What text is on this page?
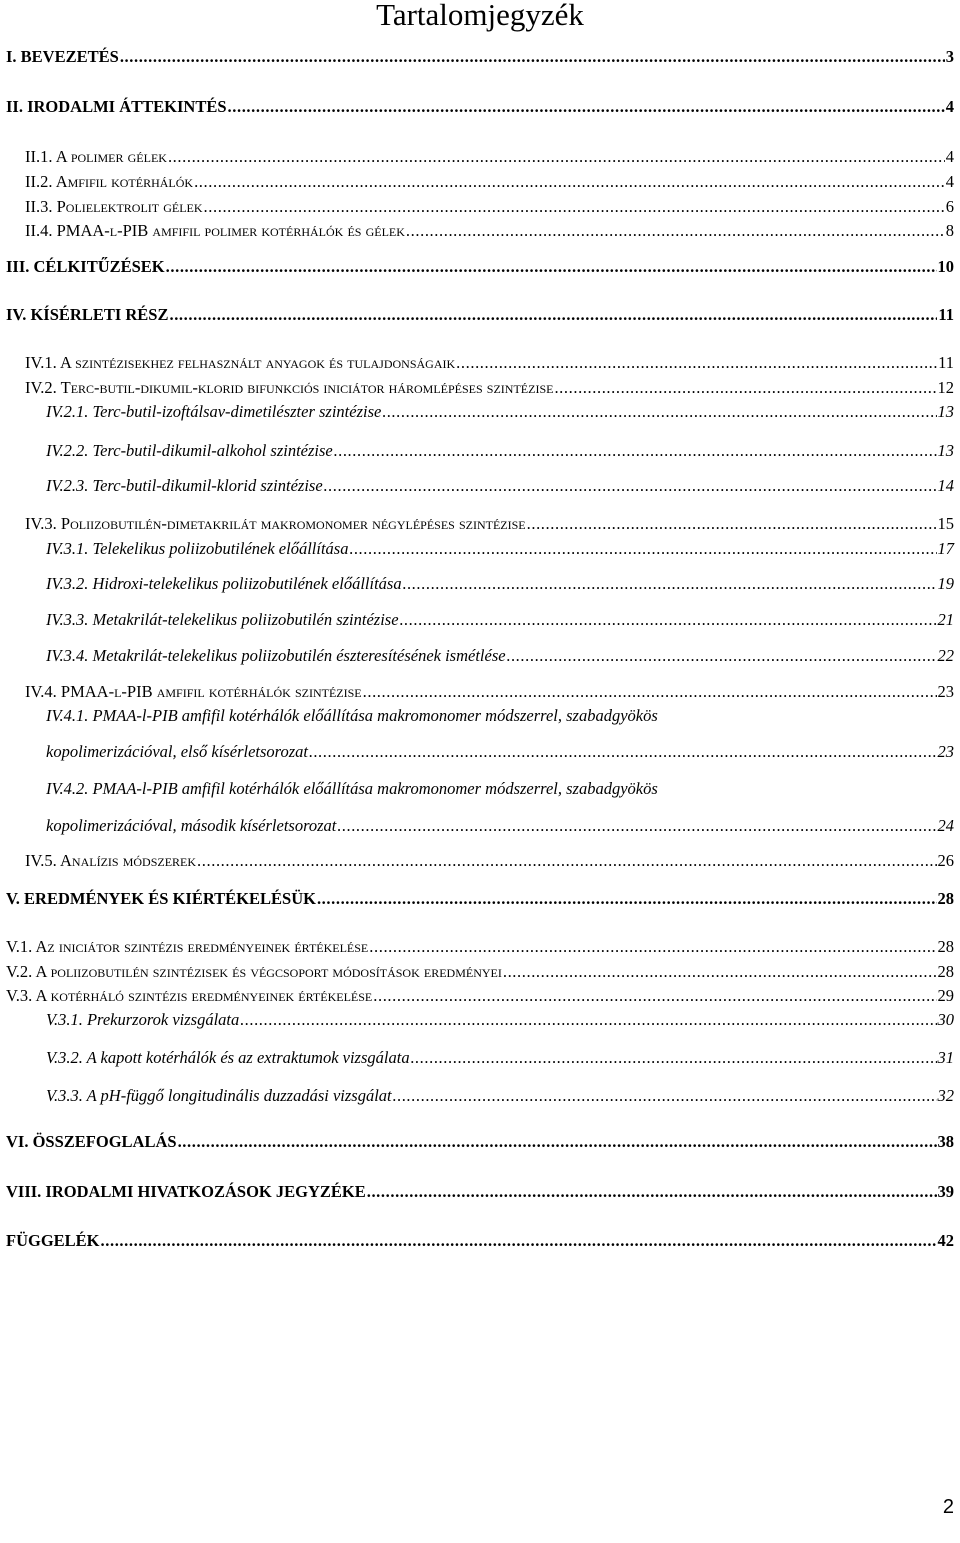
Tartalomjegyzék
I. BEVEZETÉS .....	3
II. IRODALMI ÁTTEKINTÉS .....	4
II.1. A polimer gélek .....	4
II.2. Amfifil kotérhálók .....	4
II.3. Polielektrolit gélek .....	6
II.4. PMAA-l-PIB amfifil polimer kotérhálók és gélek .....	8
III. CÉLKITŰZÉSEK .....	10
IV. KÍSÉRLETI RÉSZ .....	11
IV.1. A szintézisekhez felhasznált anyagok és tulajdonságaik .....	11
IV.2. Terc-butil-dikumil-klorid bifunkciós iniciátor háromlépéses szintézise .....	12
IV.2.1. Terc-butil-izoftálsav-dimetilészter szintézise .....	13
IV.2.2. Terc-butil-dikumil-alkohol szintézise .....	13
IV.2.3. Terc-butil-dikumil-klorid szintézise .....	14
IV.3. Poliizobutilén-dimetakrilát makromonomer négylépéses szintézise .....	15
IV.3.1. Telekelikus poliizobutilének előállítása .....	17
IV.3.2. Hidroxi-telekelikus poliizobutilének előállítása .....	19
IV.3.3. Metakrilát-telekelikus poliizobutilén szintézise .....	21
IV.3.4. Metakrilát-telekelikus poliizobutilén észteresítésének ismétlése .....	22
IV.4. PMAA-l-PIB amfifil kotérhálók szintézise .....	23
IV.4.1. PMAA-l-PIB amfifil kotérhálók előállítása makromonomer módszerrel, szabadgyökös
kopolimerizációval, első kísérletsorozat .....	23
IV.4.2. PMAA-l-PIB amfifil kotérhálók előállítása makromonomer módszerrel, szabadgyökös
kopolimerizációval, második kísérletsorozat .....	24
IV.5. Analízis módszerek .....	26
V. EREDMÉNYEK ÉS KIÉRTÉKELÉSÜK .....	28
V.1. Az iniciátor szintézis eredményeinek értékelése .....	28
V.2. A poliizobutilén szintézisek és végcsoport módosítások eredményei .....	28
V.3. A kotérháló szintézis eredményeinek értékelése .....	29
V.3.1. Prekurzorok vizsgálata .....	30
V.3.2. A kapott kotérhálók és az extraktumok vizsgálata .....	31
V.3.3. A pH-függő longitudinális duzzadási vizsgálat .....	32
VI. ÖSSZEFOGLALÁS .....	38
VIII. IRODALMI HIVATKOZÁSOK JEGYZÉKE .....	39
FÜGGELÉK .....	42
2
